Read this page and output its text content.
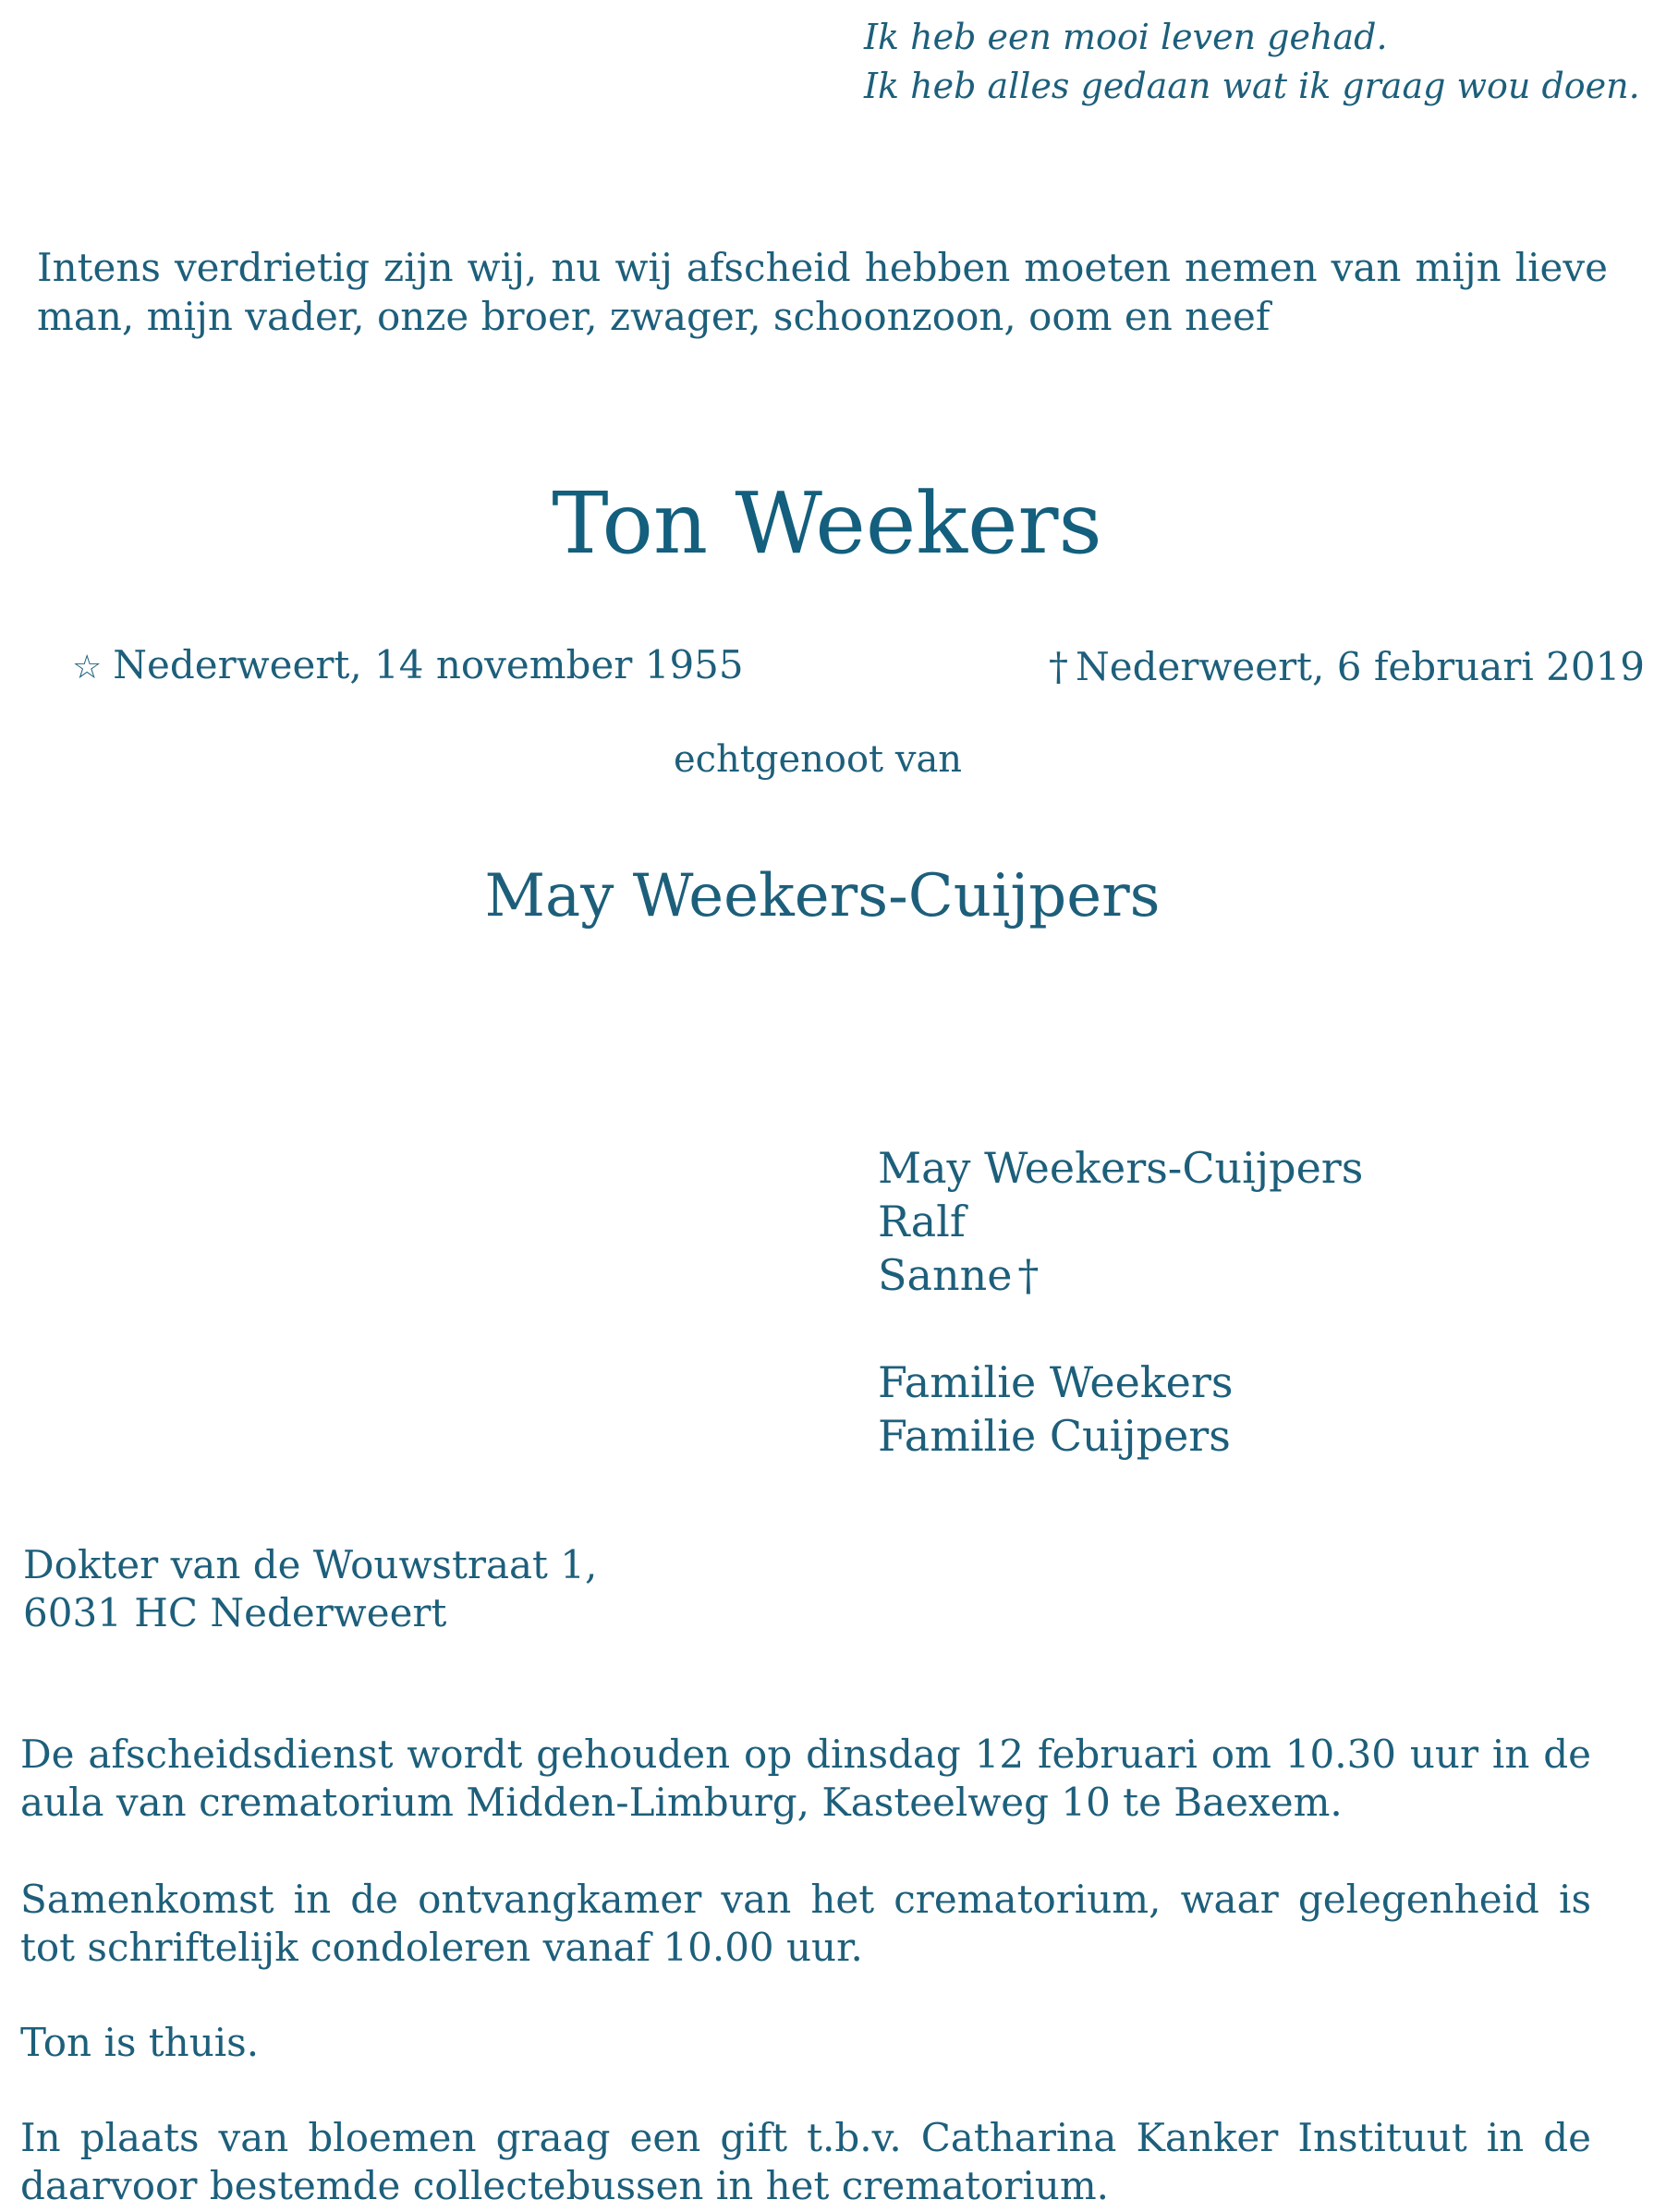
Ik heb een mooi leven gehad.
Ik heb alles gedaan wat ik graag wou doen.

Intens verdrietig zijn wij, nu wij afscheid hebben moeten nemen van mijn lieve man, mijn vader, onze broer, zwager, schoonzoon, oom en neef

Ton Weekers
☆ Nederweert, 14 november 1955	† Nederweert, 6 februari 2019
echtgenoot van
May Weekers-Cuijpers
May Weekers-Cuijpers
Ralf
Sanne †
Familie Weekers
Familie Cuijpers
Dokter van de Wouwstraat 1,
6031 HC Nederweert

De afscheidsdienst wordt gehouden op dinsdag 12 februari om 10.30 uur in de aula van crematorium Midden-Limburg, Kasteelweg 10 te Baexem.

Samenkomst in de ontvangkamer van het crematorium, waar gelegenheid is tot schriftelijk condoleren vanaf 10.00 uur.

Ton is thuis.

In plaats van bloemen graag een gift t.b.v. Catharina Kanker Instituut in de daarvoor bestemde collectebussen in het crematorium.
